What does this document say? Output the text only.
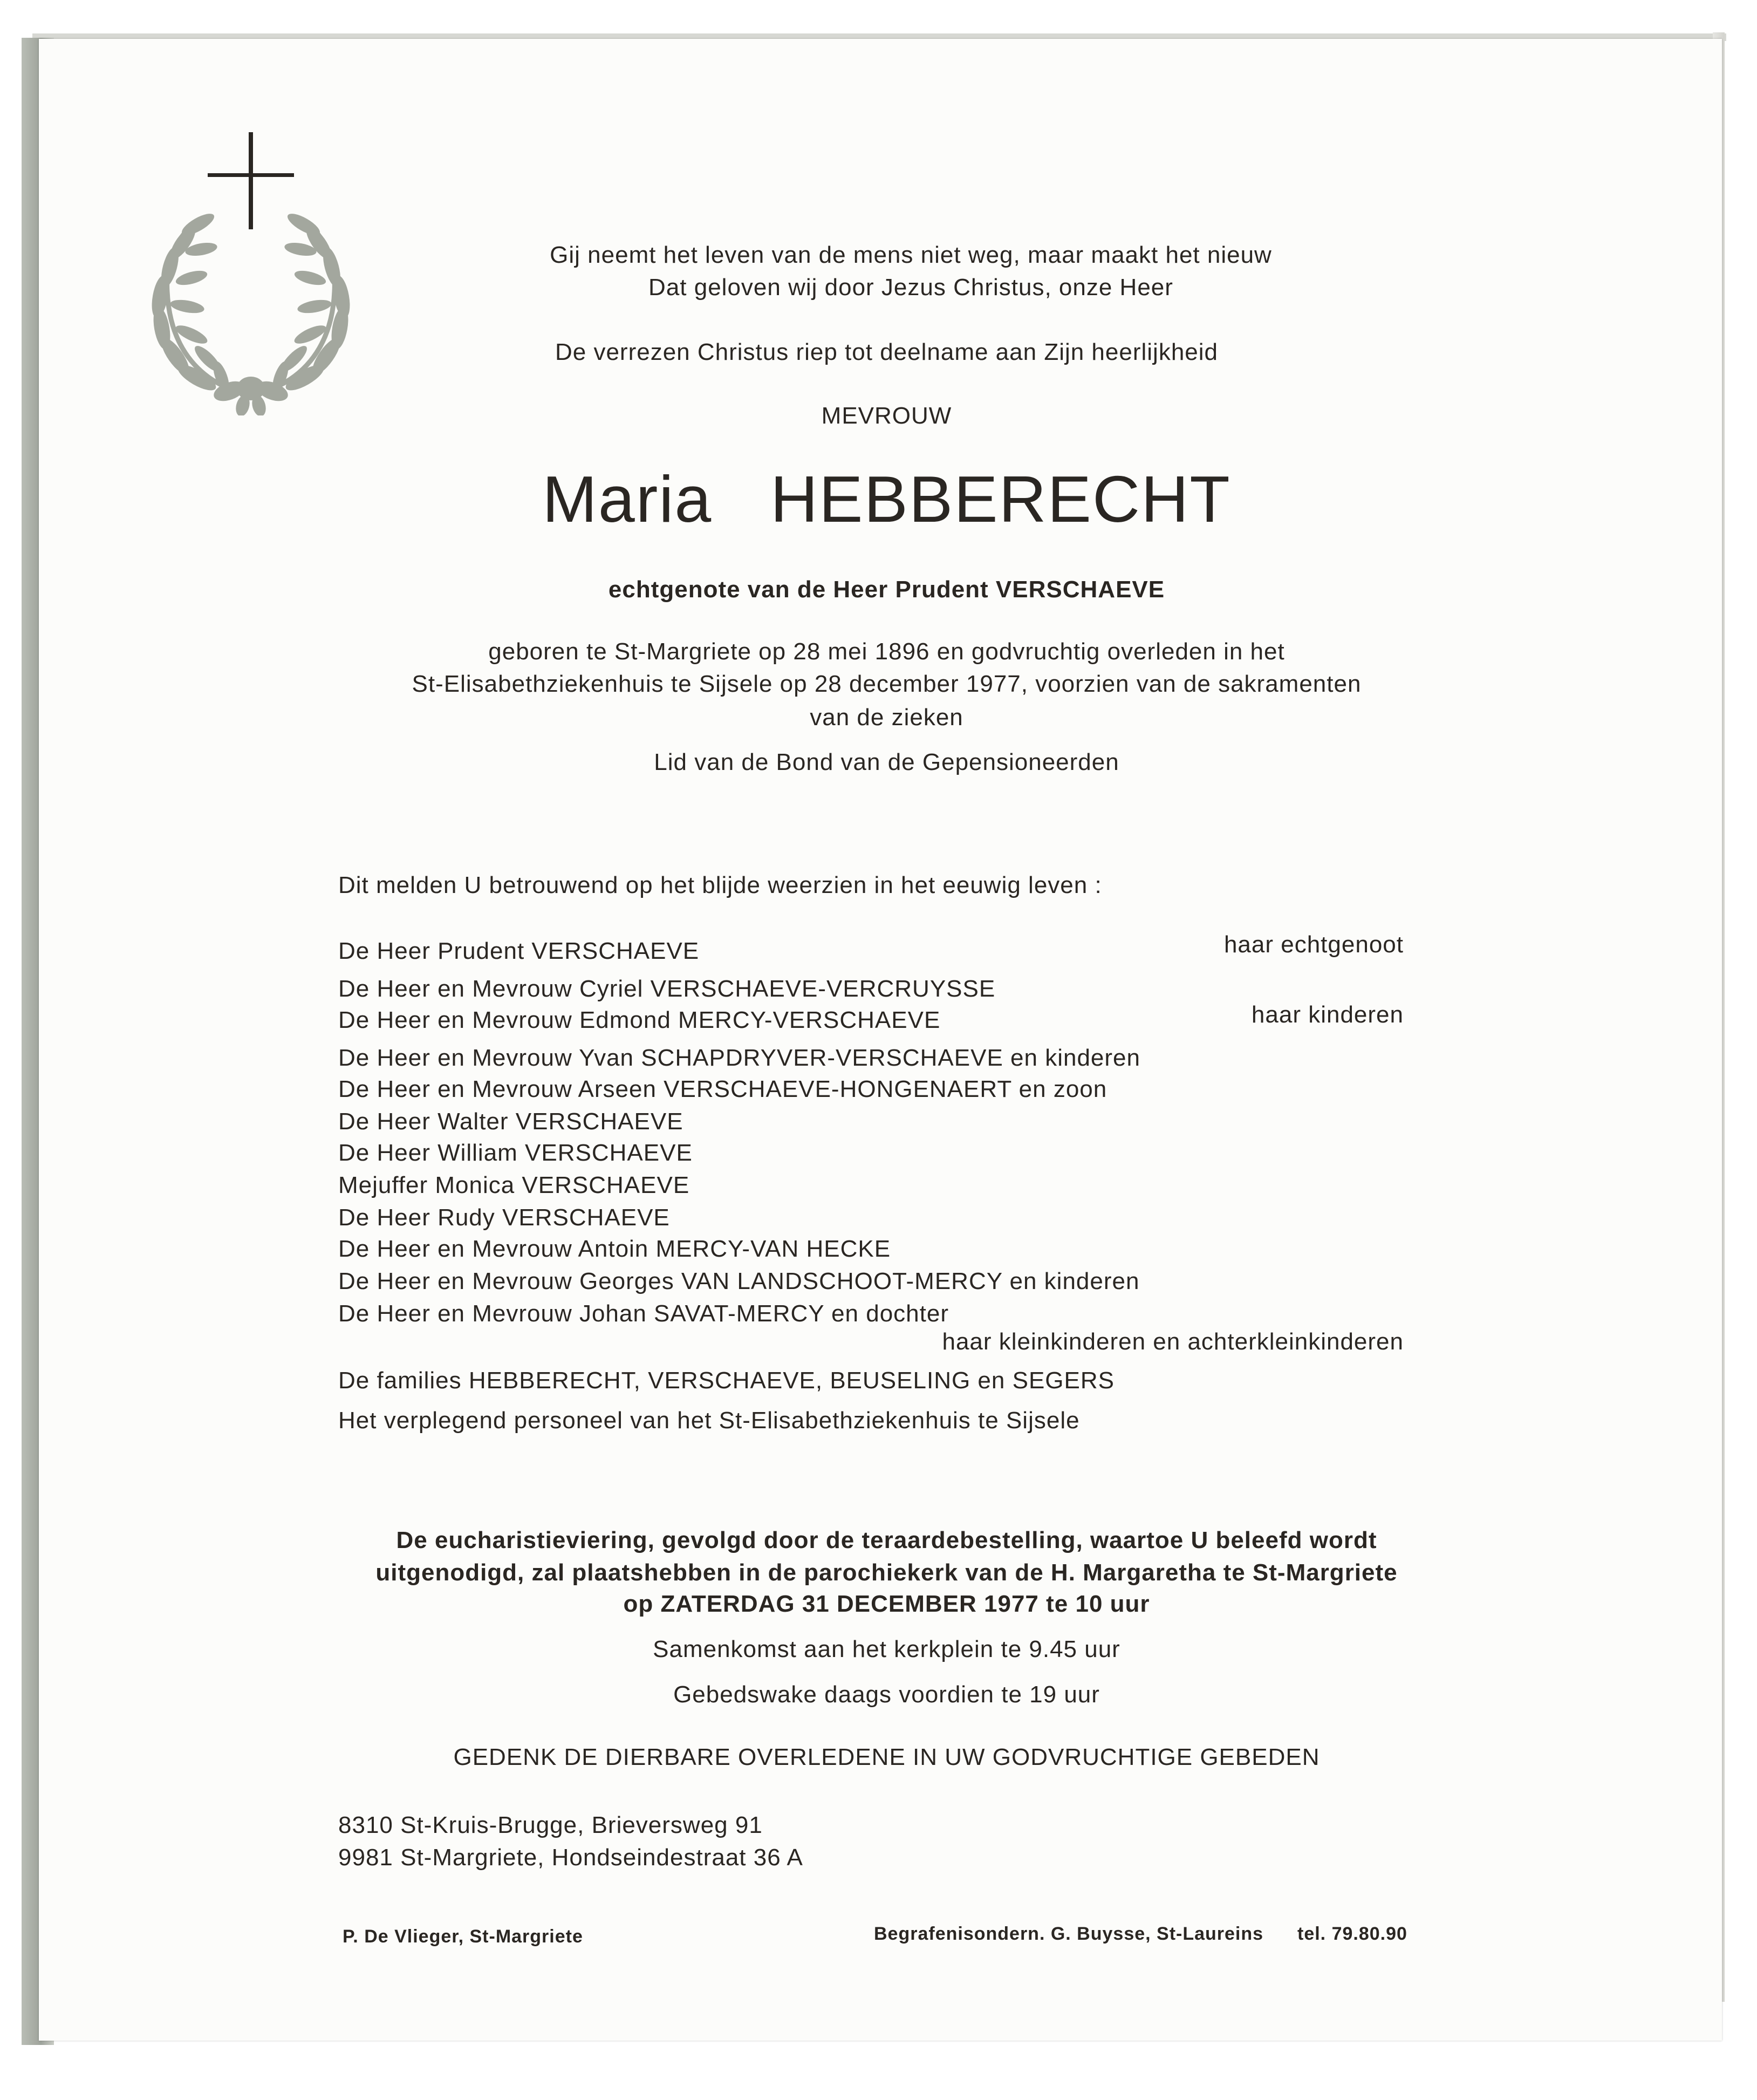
Gij neemt het leven van de mens niet weg, maar maakt het nieuw
Dat geloven wij door Jezus Christus, onze Heer
De verrezen Christus riep tot deelname aan Zijn heerlijkheid
MEVROUW
Maria   HEBBERECHT
echtgenote van de Heer Prudent VERSCHAEVE
geboren te St-Margriete op 28 mei 1896 en godvruchtig overleden in het
St-Elisabethziekenhuis te Sijsele op 28 december 1977, voorzien van de sakramenten
van de zieken
Lid van de Bond van de Gepensioneerden
Dit melden U betrouwend op het blijde weerzien in het eeuwig leven :
De Heer Prudent VERSCHAEVE	haar echtgenoot
De Heer en Mevrouw Cyriel VERSCHAEVE-VERCRUYSSE
De Heer en Mevrouw Edmond MERCY-VERSCHAEVE	haar kinderen
De Heer en Mevrouw Yvan SCHAPDRYVER-VERSCHAEVE en kinderen
De Heer en Mevrouw Arseen VERSCHAEVE-HONGENAERT en zoon
De Heer Walter VERSCHAEVE
De Heer William VERSCHAEVE
Mejuffer Monica VERSCHAEVE
De Heer Rudy VERSCHAEVE
De Heer en Mevrouw Antoin MERCY-VAN HECKE
De Heer en Mevrouw Georges VAN LANDSCHOOT-MERCY en kinderen
De Heer en Mevrouw Johan SAVAT-MERCY en dochter
haar kleinkinderen en achterkleinkinderen
De families HEBBERECHT, VERSCHAEVE, BEUSELING en SEGERS
Het verplegend personeel van het St-Elisabethziekenhuis te Sijsele
De eucharistieviering, gevolgd door de teraardebestelling, waartoe U beleefd wordt
uitgenodigd, zal plaatshebben in de parochiekerk van de H. Margaretha te St-Margriete
op ZATERDAG 31 DECEMBER 1977 te 10 uur
Samenkomst aan het kerkplein te 9.45 uur
Gebedswake daags voordien te 19 uur
GEDENK DE DIERBARE OVERLEDENE IN UW GODVRUCHTIGE GEBEDEN
8310 St-Kruis-Brugge, Brieversweg 91
9981 St-Margriete, Hondseindestraat 36 A
P. De Vlieger, St-Margriete	Begrafenisondern. G. Buysse, St-Laureins tel. 79.80.90
